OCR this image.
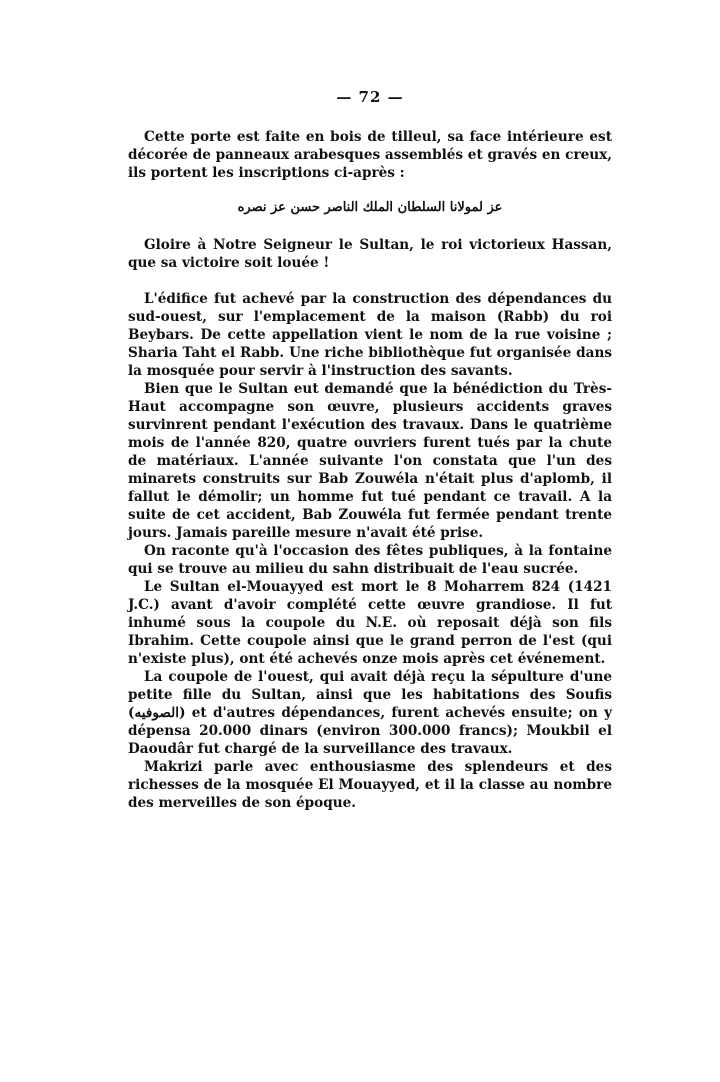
— 72 —

Cette porte est faite en bois de tilleul, sa face intérieure est décorée de panneaux arabesques assemblés et gravés en creux, ils portent les inscriptions ci-après :

عز لمولانا السلطان الملك الناصر حسن عز نصره

Gloire à Notre Seigneur le Sultan, le roi victorieux Hassan, que sa victoire soit louée !

L'édifice fut achevé par la construction des dépendances du sud-ouest, sur l'emplacement de la maison (Rabb) du roi Beybars. De cette appellation vient le nom de la rue voisine ; Sharia Taht el Rabb. Une riche bibliothèque fut organisée dans la mosquée pour servir à l'instruction des savants.

Bien que le Sultan eut demandé que la bénédiction du Très-Haut accompagne son œuvre, plusieurs accidents graves survinrent pendant l'exécution des travaux. Dans le quatrième mois de l'année 820, quatre ouvriers furent tués par la chute de matériaux. L'année suivante l'on constata que l'un des minarets construits sur Bab Zouwéla n'était plus d'aplomb, il fallut le démolir; un homme fut tué pendant ce travail. A la suite de cet accident, Bab Zouwéla fut fermée pendant trente jours. Jamais pareille mesure n'avait été prise.

On raconte qu'à l'occasion des fêtes publiques, à la fontaine qui se trouve au milieu du sahn distribuait de l'eau sucrée.

Le Sultan el-Mouayyed est mort le 8 Moharrem 824 (1421 J.C.) avant d'avoir complété cette œuvre grandiose. Il fut inhumé sous la coupole du N.E. où reposait déjà son fils Ibrahim. Cette coupole ainsi que le grand perron de l'est (qui n'existe plus), ont été achevés onze mois après cet événement.

La coupole de l'ouest, qui avait déjà reçu la sépulture d'une petite fille du Sultan, ainsi que les habitations des Soufis (الصوفيه) et d'autres dépendances, furent achevés ensuite; on y dépensa 20.000 dinars (environ 300.000 francs); Moukbil el Daoudâr fut chargé de la surveillance des travaux.

Makrizi parle avec enthousiasme des splendeurs et des richesses de la mosquée El Mouayyed, et il la classe au nombre des merveilles de son époque.
